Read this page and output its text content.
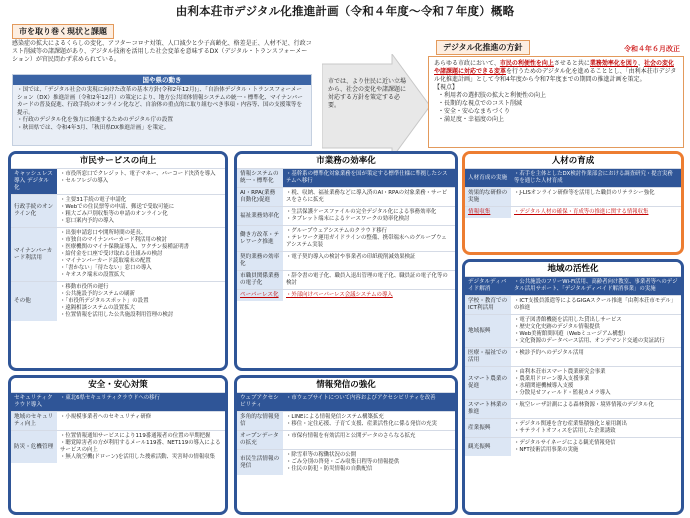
由利本荘市デジタル化推進計画（令和４年度～令和７年度）概略
令和４年６月改正
市を取り巻く現状と課題
感染症の拡大によるくらしの変化、アフターコロナ対策、人口減少と少子高齢化、格差是正、人材不足、行政コスト削減等の諸課題があり、デジタル技術を活用した社会変革を意味するDX（デジタル・トランスフォーメーション）が官民問わず求められている。
国や県の動き
・国では、「デジタル社会の実現に向けた改革の基本方針(令和2年12月)」、「自治体デジタル・トランスフォーメーション（DX）推進計画（令和2年12月）の策定により、地方公共団体情報システムの統一・標準化、マイナンバーカードの普及促進、行政手続のオンライン化など、自治体の重点的に取り組むべき事項・内容等、国の支援策等を提示。
・行政のデジタル化を強力に推進するためのデジタル庁の設置
・秋田県では、令和4年3月、「秋田県DX推進計画」を策定。
市では、より住民に近い立場から、社会の変化や諸課題に対応する方針を策定する必要。
デジタル化推進の方針
あらゆる市政において、市民の利便性を向上させると共に業務効率化を図り、社会の変化や諸課題に対応できる変革を行うためのデジタル化を進めることとし、「由利本荘市デジタル化推進計画」として令和4年度から令和7年度までの期間の推進計画を策定。
【視点】
・利用者の選択肢の拡大と利便性の向上
・長期的な視点でのコスト削減
・安全・安心なまちづくり
・満足度・幸福度の向上
市民サービスの向上
キャッシュレス導入 デジタル化
・市役所窓口でクレジット、電子マネー、バーコード決済を導入
・セルフレジの導入
行政手続のオンライン化
・主要31手続の電子申請化
・Webでの住民票等の申請、郵送で受取可能に
・粗大ごみ戸別収集等の申請のオンライン化
・窓口案内予約の導入
マイナンバーカード利活用
・出張申請窓口や開所時間の延長、
・市独自のマイナンバーカード利活用の検討
・医療機関のマイナ保険証導入、ワクチン接種証明書
・給付金を口座で受け取れる仕組みの検討
・マイナンバーカード読取端末の配置
・「書かない」「待たない」窓口の導入
・キオスク端末の設置拡大
その他
・移動市役所の運行
・公共施設予約システムの刷新
・「市役所デジタルスポット」の設置
・遠隔相談システムの設置拡大
・位置情報を活用した公共施設利用管理の検討
市業務の効率化
情報システムの統一・標準化
・基幹系の標準化対象業務を国が策定する標準仕様に準拠したシステムへ移行
AI・RPA(業務自動化)促進
・税、収納、福祉業務などに導入済のAI・RPAの対象業務・サービスをさらに拡充
福祉業務効率化
・生活保護ケースファイルの完全デジタル化による事務効率化
・タブレット端末によるケースワークの効率化検討
働き方改革・テレワーク推進
・グループウェアシステムのクラウド移行
・テレワーク運用ガイドラインの整備、携帯端末へのグループウェアシステム実装
契約業務の効率化
・電子契約導入の検討や事業者の印紙税削減効果検証
市職員関係業務の電子化
・辞令書の電子化、職員入退出管理の電子化、職員証の電子化等の検討
ペーパーレス化	・外部向けペーパーレス会議システムの導入
人材の育成
人材育成の実施
・若手を主体としたDX検討作業部会における調査研究・提言実務等を通じた人材育成
効果的な研修の実施
・J-LISオンライン研修等を活用した職員のリテラシー強化
情報収集	・デジタル人材の確保・育成等の推進に関する情報収集
地域の活性化
デジタルディバイド解消
・公共施設のフリーWi-Fi活用、高齢者向け教室、事業者等へのデジタル活用サポート、「デジタルディバイド解消事業」の実施
学校・教育でのICT利活用
・ICT支援員派遣等によるGIGAスクール推進「由利本荘市モデル」の推進
地域振興
・電子図書館機能を活用した貸出しサービス
・歴史文化史跡のデジタル情報提供
・Web美術館間回遊（Webミュージアム構想）
・文化資源のデータベース活用、オンデマンド交通の実証試行
医療・福祉での活用
・検診予約へのデジタル活用
スマート農業の促進
・由利本荘市スマート農業研究会事業
・農業用ドローン導入支援事業
・水稲関連機械導入支援
・分散見せフィールド・監視カメラ導入
スマート林業の推進
・航空レーザ計測による森林資源・境界情報のデジタル化
産業振興
・デジタル関連を含む産業集積強化と雇用創出
・サテライトオフィスを活用した企業誘致
観光振興
・デジタルサイネージによる観光情報発信
・NFT技術活用事業の実施
安全・安心対策
セキュリティクラウド導入
・東北6県セキュリティクラウドへの移行
地域のセキュリティ向上
・小規模事業者へのセキュリティ研修
防災・危機管理
・位置情報通知サービスにより119番通報者の位置の早期把握
・聴覚障害者の方が利用するメール119番、NET119の導入によるサービスの向上
・無人航空機(ドローン)を活用した捜索活動、災害時の情報収集
情報発信の強化
ウェブアクセシビリティ
・市ウェブサイトについて内容およびアクセシビリティを改善
多角的な情報発信
・LINEによる情報発信システム構築拡充
・移住・定住応援、子育て支援、産業活性化に係る発信の充実
オープンデータの拡充
・市保有情報を有効活用と公開データのさらなる拡充
市民生活情報の発信
・除雪車等の稼働状況の公開
・ごみ分別の啓発・ごみ収集日程等の情報提供
・住民の防犯・防災情報の自動配信
